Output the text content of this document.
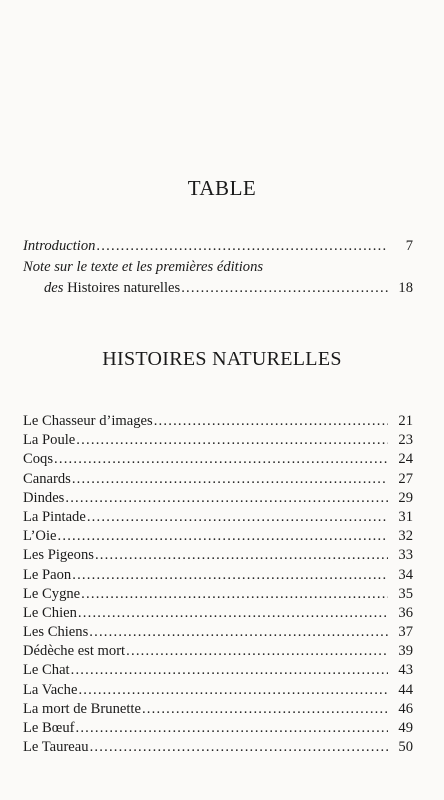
TABLE
Introduction .....	7
Note sur le texte et les premières éditions
des Histoires naturelles .....	18
HISTOIRES NATURELLES
Le Chasseur d’images .....	21
La Poule .....	23
Coqs .....	24
Canards .....	27
Dindes .....	29
La Pintade .....	31
L’Oie .....	32
Les Pigeons .....	33
Le Paon .....	34
Le Cygne .....	35
Le Chien .....	36
Les Chiens .....	37
Dédèche est mort .....	39
Le Chat .....	43
La Vache .....	44
La mort de Brunette .....	46
Le Bœuf .....	49
Le Taureau .....	50
